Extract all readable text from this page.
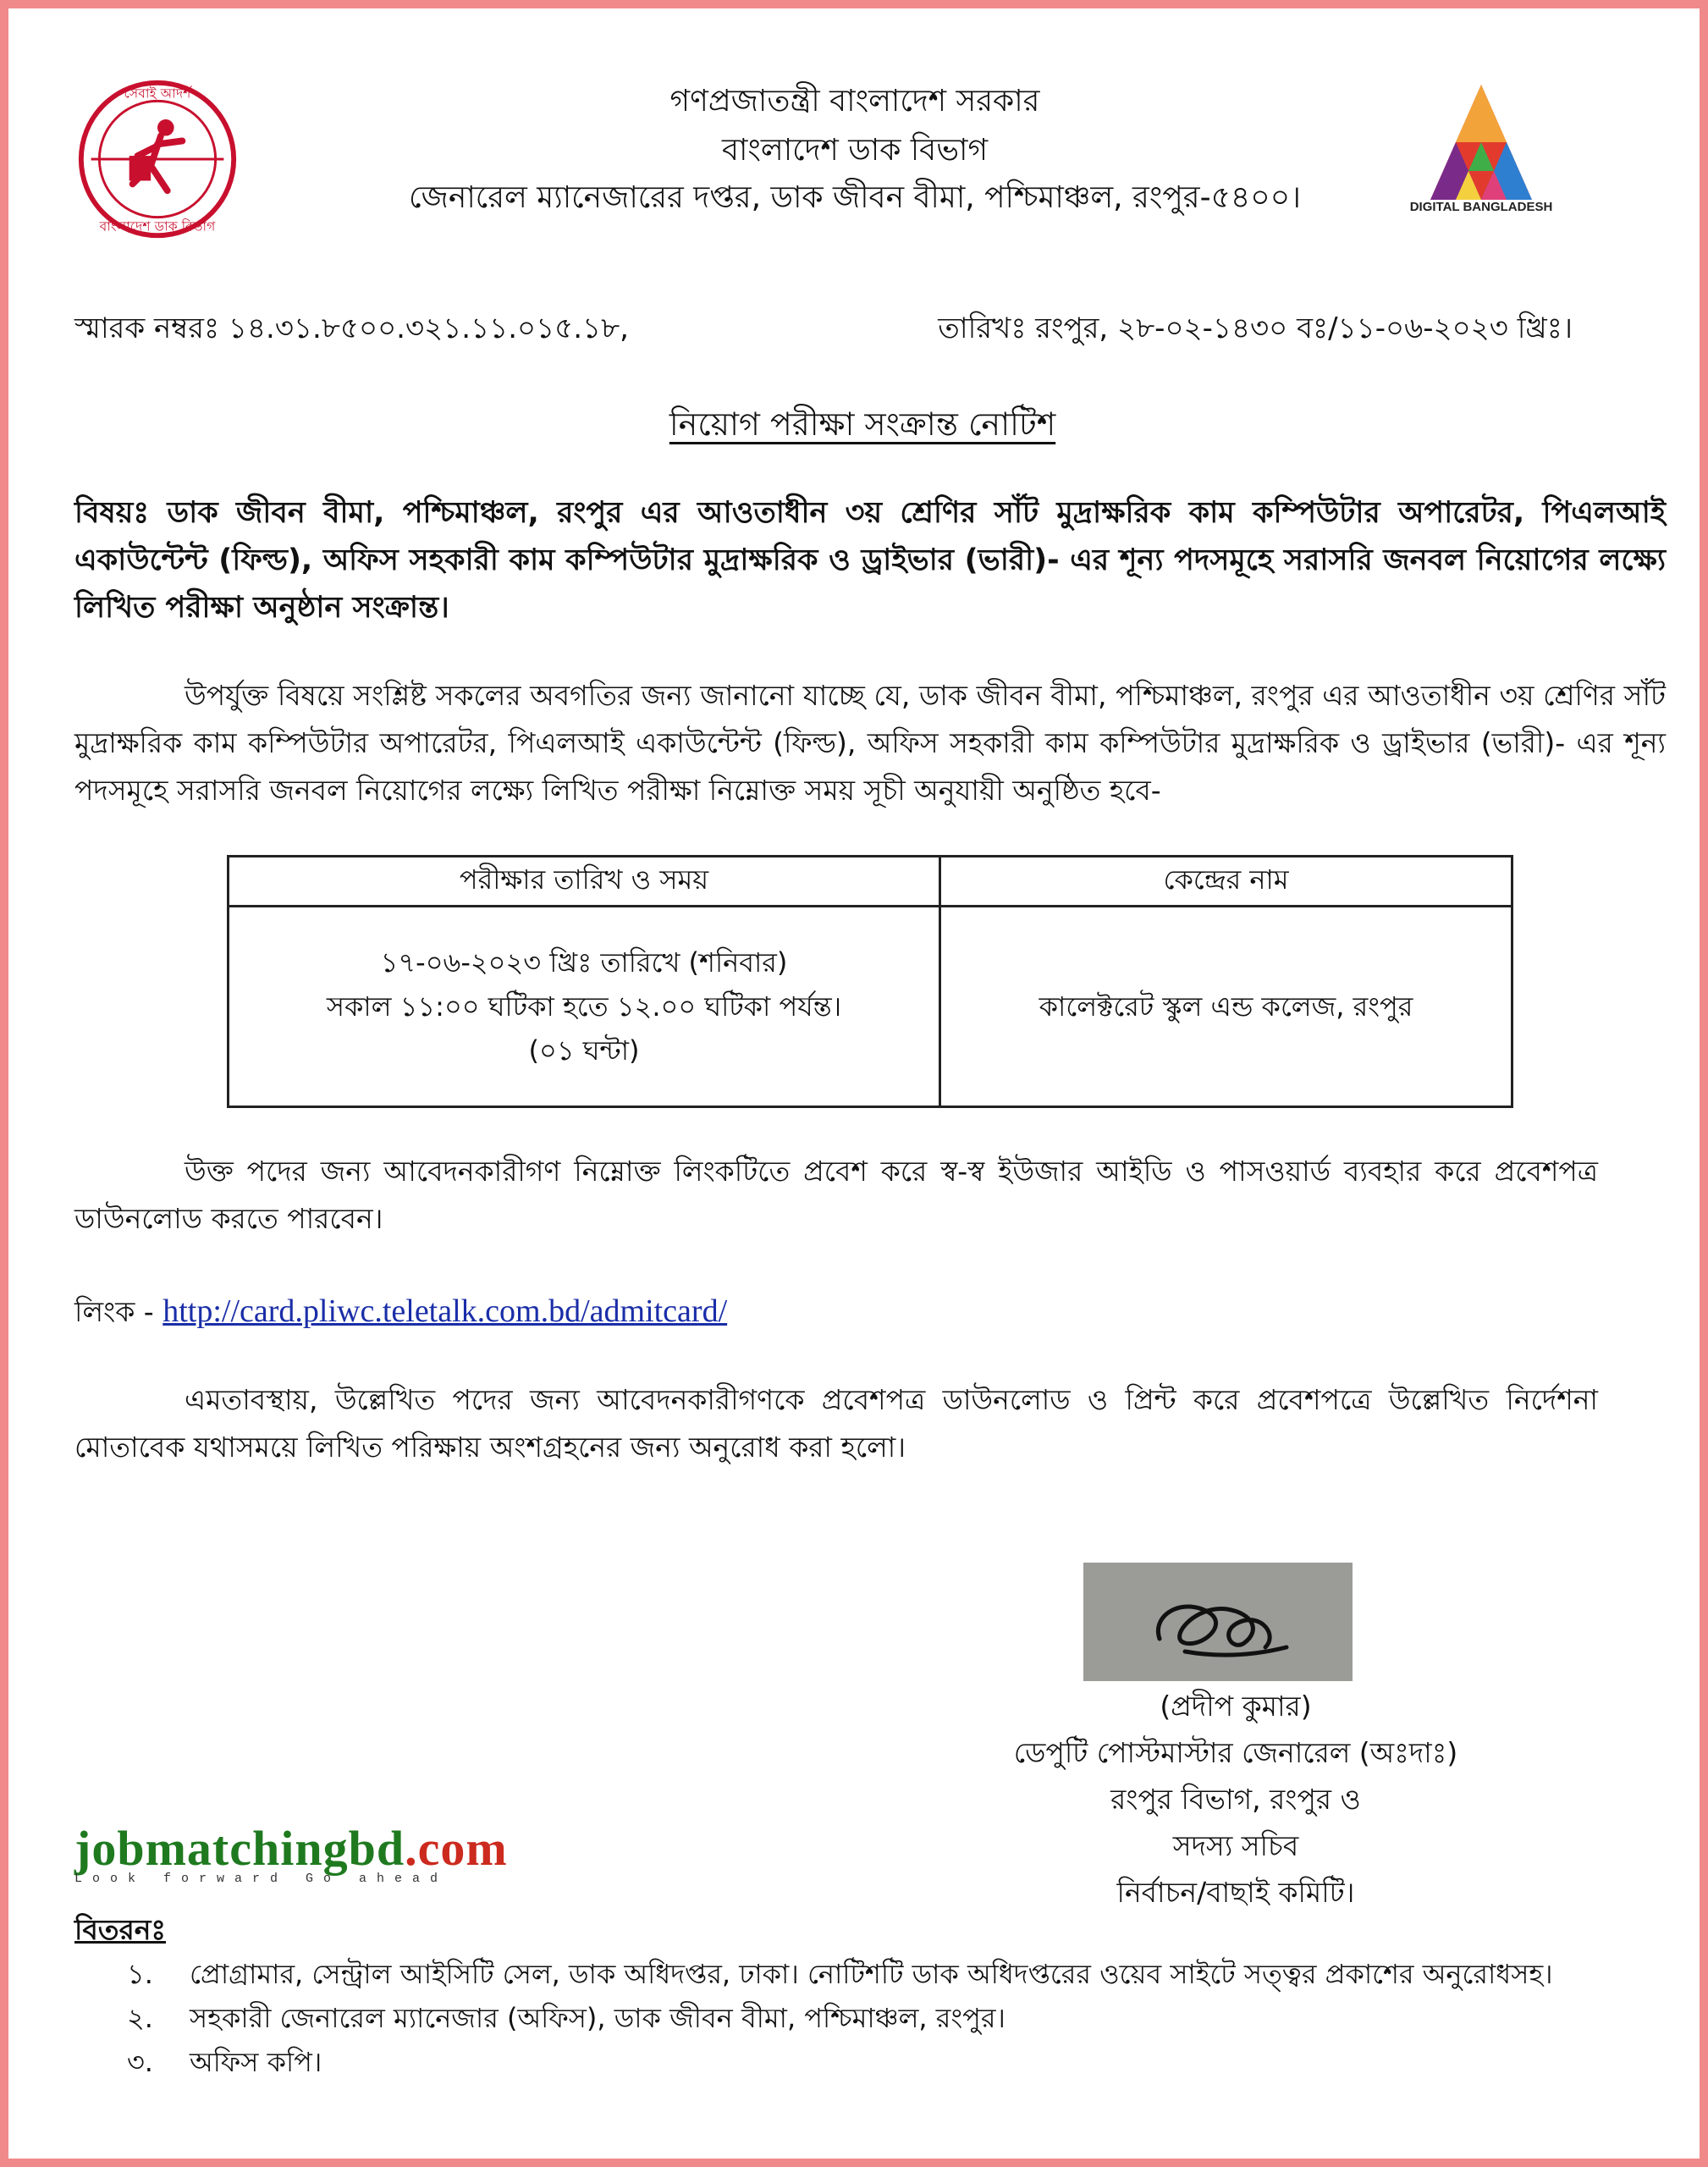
সেবাই আদর্শ
বাংলাদেশ ডাক বিভাগ
গণপ্রজাতন্ত্রী বাংলাদেশ সরকার
বাংলাদেশ ডাক বিভাগ
জেনারেল ম্যানেজারের দপ্তর, ডাক জীবন বীমা, পশ্চিমাঞ্চল, রংপুর-৫৪০০।	DIGITAL BANGLADESH
স্মারক নম্বরঃ ১৪.৩১.৮৫০০.৩২১.১১.০১৫.১৮,	তারিখঃ রংপুর, ২৮-০২-১৪৩০ বঃ/১১-০৬-২০২৩ খ্রিঃ।
নিয়োগ পরীক্ষা সংক্রান্ত নোটিশ
বিষয়ঃ ডাক জীবন বীমা, পশ্চিমাঞ্চল, রংপুর এর আওতাধীন ৩য় শ্রেণির সাঁট মুদ্রাক্ষরিক কাম কম্পিউটার অপারেটর, পিএলআই একাউন্টেন্ট (ফিল্ড), অফিস সহকারী কাম কম্পিউটার মুদ্রাক্ষরিক ও ড্রাইভার (ভারী)- এর শূন্য পদসমূহে সরাসরি জনবল নিয়োগের লক্ষ্যে লিখিত পরীক্ষা অনুষ্ঠান সংক্রান্ত।
উপর্যুক্ত বিষয়ে সংশ্লিষ্ট সকলের অবগতির জন্য জানানো যাচ্ছে যে, ডাক জীবন বীমা, পশ্চিমাঞ্চল, রংপুর এর আওতাধীন ৩য় শ্রেণির সাঁট মুদ্রাক্ষরিক কাম কম্পিউটার অপারেটর, পিএলআই একাউন্টেন্ট (ফিল্ড), অফিস সহকারী কাম কম্পিউটার মুদ্রাক্ষরিক ও ড্রাইভার (ভারী)- এর শূন্য পদসমূহে সরাসরি জনবল নিয়োগের লক্ষ্যে লিখিত পরীক্ষা নিম্নোক্ত সময় সূচী অনুযায়ী অনুষ্ঠিত হবে-
পরীক্ষার তারিখ ও সময়	কেন্দ্রের নাম

১৭-০৬-২০২৩ খ্রিঃ তারিখে (শনিবার)
সকাল ১১:০০ ঘটিকা হতে ১২.০০ ঘটিকা পর্যন্ত।
(০১ ঘন্টা)	কালেক্টরেট স্কুল এন্ড কলেজ, রংপুর
উক্ত পদের জন্য আবেদনকারীগণ নিম্নোক্ত লিংকটিতে প্রবেশ করে স্ব-স্ব ইউজার আইডি ও পাসওয়ার্ড ব্যবহার করে প্রবেশপত্র ডাউনলোড করতে পারবেন।
লিংক - http://card.pliwc.teletalk.com.bd/admitcard/
এমতাবস্থায়, উল্লেখিত পদের জন্য আবেদনকারীগণকে প্রবেশপত্র ডাউনলোড ও প্রিন্ট করে প্রবেশপত্রে উল্লেখিত নির্দেশনা মোতাবেক যথাসময়ে লিখিত পরিক্ষায় অংশগ্রহনের জন্য অনুরোধ করা হলো।
(প্রদীপ কুমার)
ডেপুটি পোস্টমাস্টার জেনারেল (অঃদাঃ)
রংপুর বিভাগ, রংপুর ও
সদস্য সচিব
নির্বাচন/বাছাই কমিটি।
jobmatchingbd.com
Look forward Go ahead
বিতরনঃ
১.	প্রোগ্রামার, সেন্ট্রাল আইসিটি সেল, ডাক অধিদপ্তর, ঢাকা। নোটিশটি ডাক অধিদপ্তরের ওয়েব সাইটে সত্ত্বর প্রকাশের অনুরোধসহ।
২.	সহকারী জেনারেল ম্যানেজার (অফিস), ডাক জীবন বীমা, পশ্চিমাঞ্চল, রংপুর।
৩.	অফিস কপি।
